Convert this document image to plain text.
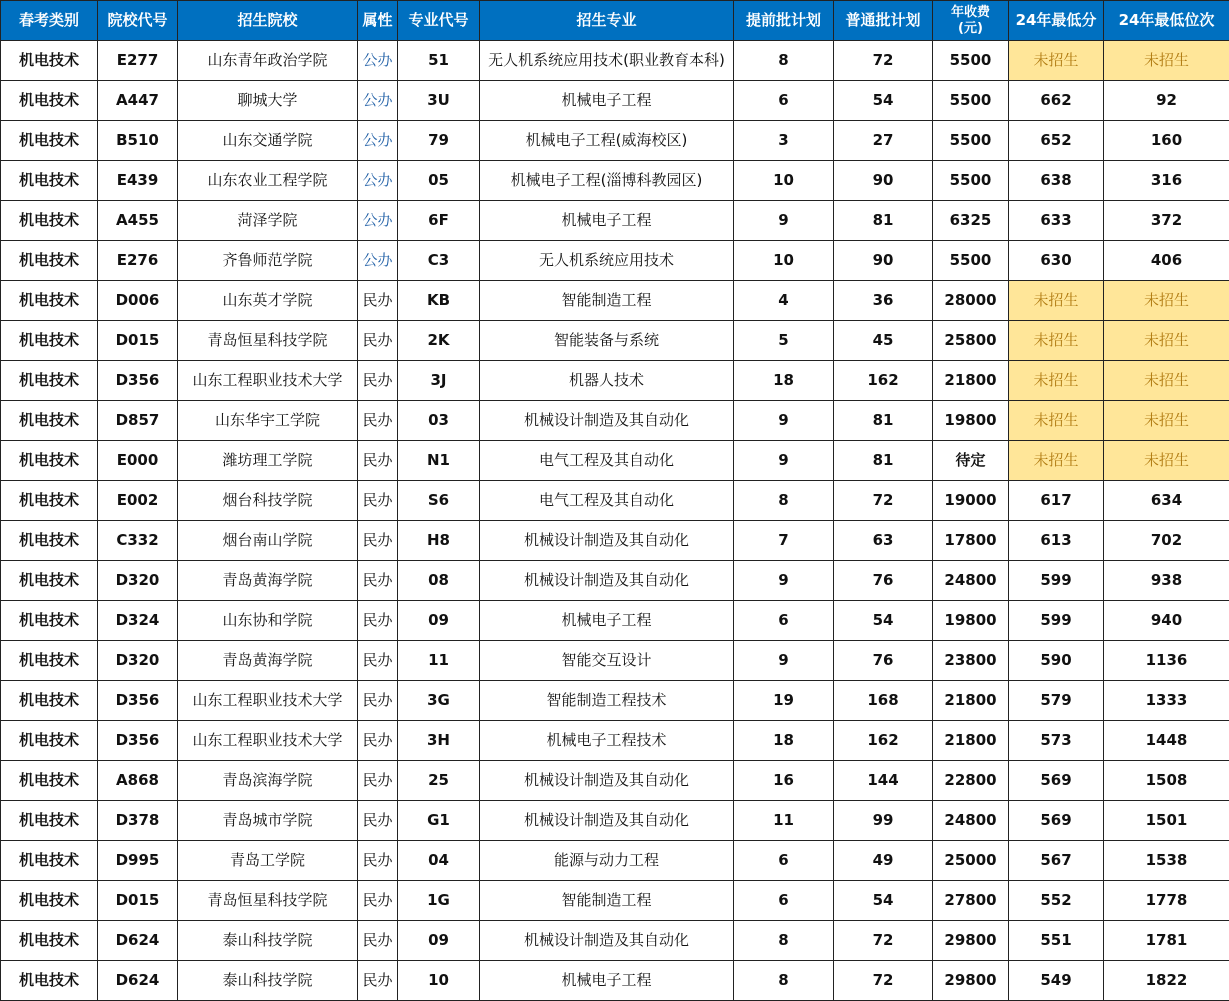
春考类别	院校代号	招生院校	属性	专业代号	招生专业	提前批计划	普通批计划	年收费
(元)	24年最低分	24年最低位次
机电技术	E277	山东青年政治学院	公办	51	无人机系统应用技术(职业教育本科)	8	72	5500	未招生	未招生
机电技术	A447	聊城大学	公办	3U	机械电子工程	6	54	5500	662	92
机电技术	B510	山东交通学院	公办	79	机械电子工程(威海校区)	3	27	5500	652	160
机电技术	E439	山东农业工程学院	公办	05	机械电子工程(淄博科教园区)	10	90	5500	638	316
机电技术	A455	菏泽学院	公办	6F	机械电子工程	9	81	6325	633	372
机电技术	E276	齐鲁师范学院	公办	C3	无人机系统应用技术	10	90	5500	630	406
机电技术	D006	山东英才学院	民办	KB	智能制造工程	4	36	28000	未招生	未招生
机电技术	D015	青岛恒星科技学院	民办	2K	智能装备与系统	5	45	25800	未招生	未招生
机电技术	D356	山东工程职业技术大学	民办	3J	机器人技术	18	162	21800	未招生	未招生
机电技术	D857	山东华宇工学院	民办	03	机械设计制造及其自动化	9	81	19800	未招生	未招生
机电技术	E000	潍坊理工学院	民办	N1	电气工程及其自动化	9	81	待定	未招生	未招生
机电技术	E002	烟台科技学院	民办	S6	电气工程及其自动化	8	72	19000	617	634
机电技术	C332	烟台南山学院	民办	H8	机械设计制造及其自动化	7	63	17800	613	702
机电技术	D320	青岛黄海学院	民办	08	机械设计制造及其自动化	9	76	24800	599	938
机电技术	D324	山东协和学院	民办	09	机械电子工程	6	54	19800	599	940
机电技术	D320	青岛黄海学院	民办	11	智能交互设计	9	76	23800	590	1136
机电技术	D356	山东工程职业技术大学	民办	3G	智能制造工程技术	19	168	21800	579	1333
机电技术	D356	山东工程职业技术大学	民办	3H	机械电子工程技术	18	162	21800	573	1448
机电技术	A868	青岛滨海学院	民办	25	机械设计制造及其自动化	16	144	22800	569	1508
机电技术	D378	青岛城市学院	民办	G1	机械设计制造及其自动化	11	99	24800	569	1501
机电技术	D995	青岛工学院	民办	04	能源与动力工程	6	49	25000	567	1538
机电技术	D015	青岛恒星科技学院	民办	1G	智能制造工程	6	54	27800	552	1778
机电技术	D624	泰山科技学院	民办	09	机械设计制造及其自动化	8	72	29800	551	1781
机电技术	D624	泰山科技学院	民办	10	机械电子工程	8	72	29800	549	1822
